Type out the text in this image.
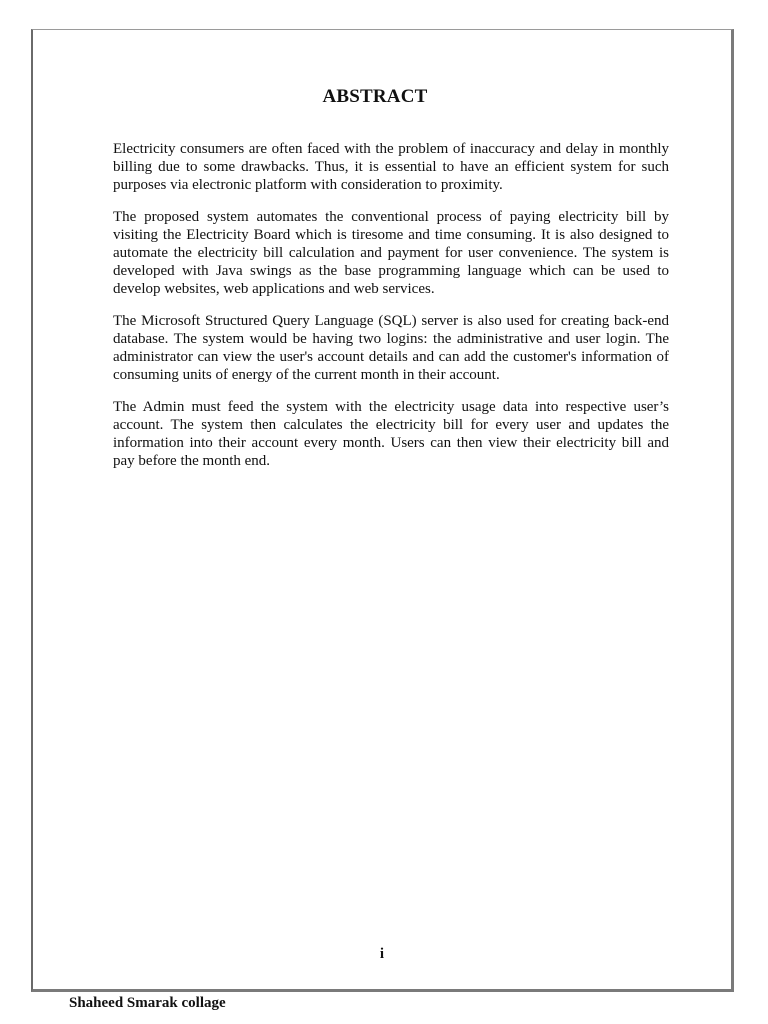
ABSTRACT

Electricity consumers are often faced with the problem of inaccuracy and delay in monthly billing due to some drawbacks. Thus, it is essential to have an efficient system for such purposes via electronic platform with consideration to proximity.

The proposed system automates the conventional process of paying electricity bill by visiting the Electricity Board which is tiresome and time consuming. It is also designed to automate the electricity bill calculation and payment for user convenience. The system is developed with Java swings as the base programming language which can be used to develop websites, web applications and web services.

The Microsoft Structured Query Language (SQL) server is also used for creating back-end database. The system would be having two logins: the administrative and user login. The administrator can view the user's account details and can add the customer's information of consuming units of energy of the current month in their account.

The Admin must feed the system with the electricity usage data into respective user’s account. The system then calculates the electricity bill for every user and updates the information into their account every month. Users can then view their electricity bill and pay before the month end.

i
Shaheed Smarak collage
